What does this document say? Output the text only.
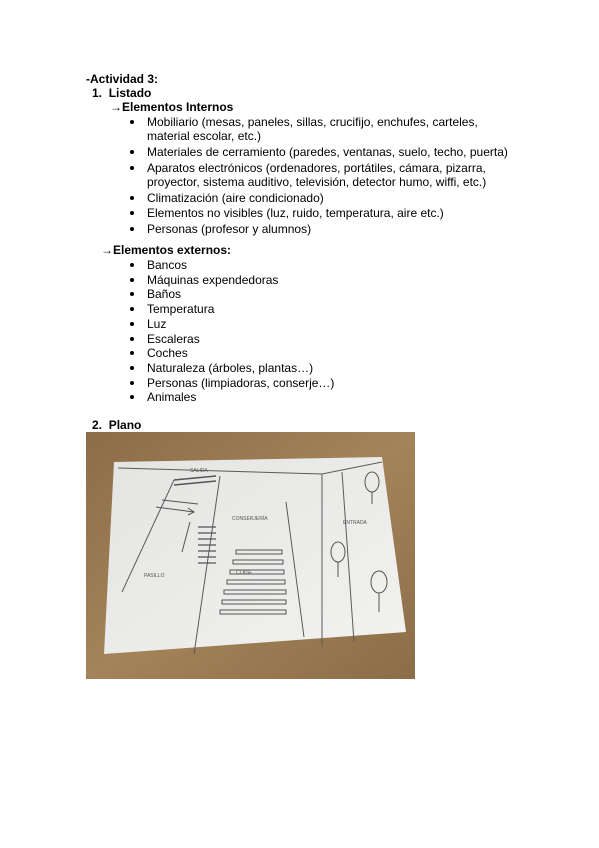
-Actividad 3:
1. Listado
→Elementos Internos
Mobiliario (mesas, paneles, sillas, crucifijo, enchufes, carteles,
material escolar, etc.)
Materiales de cerramiento (paredes, ventanas, suelo, techo, puerta)
Aparatos electrónicos (ordenadores, portátiles, cámara, pizarra,
proyector, sistema auditivo, televisión, detector humo, wiffi, etc.)
Climatización (aire condicionado)
Elementos no visibles (luz, ruido, temperatura, aire etc.)
Personas (profesor y alumnos)
→Elementos externos:
Bancos
Máquinas expendedoras
Baños
Temperatura
Luz
Escaleras
Coches
Naturaleza (árboles, plantas…)
Personas (limpiadoras, conserje…)
Animales
2. Plano
SALIDA
CONSERJERÍA
ENTRADA
CLASE
PASILLO
